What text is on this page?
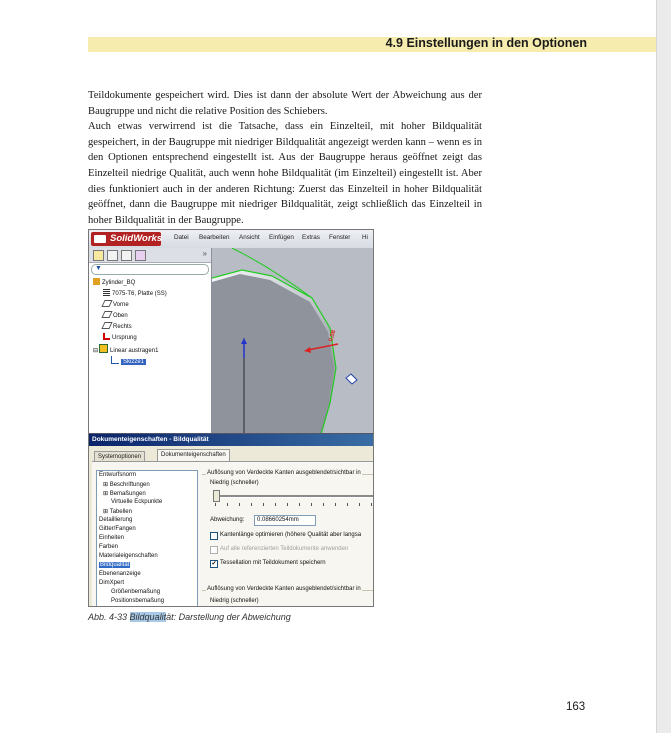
4.9 Einstellungen in den Optionen

Teildokumente gespeichert wird. Dies ist dann der absolute Wert der Abweichung aus der Baugruppe und nicht die relative Position des Schiebers.

Auch etwas verwirrend ist die Tatsache, dass ein Einzelteil, mit hoher Bildqualität gespeichert, in der Baugruppe mit niedriger Bildqualität angezeigt werden kann – wenn es in den Optionen entsprechend eingestellt ist. Aus der Baugruppe heraus geöffnet zeigt das Einzelteil niedrige Qualität, auch wenn hohe Bildqualität (im Einzelteil) eingestellt ist. Aber dies funktioniert auch in der anderen Richtung: Zuerst das Einzelteil in hoher Bildqualität geöffnet, dann die Baugruppe mit niedriger Bildqualität, zeigt schließlich das Einzelteil in hoher Bildqualität in der Baugruppe.

SolidWorks Datei Bearbeiten Ansicht Einfügen Extras Fenster Hi
»
▼
Zylinder_BQ
7075-T6, Platte (SS)
Vorne
Oben
Rechts
Ursprung
⊟ Linear austragen1
Skizze1
0,08
Dokumenteigenschaften - Bildqualität
Systemoptionen	Dokumenteigenschaften
Entwurfsnorm
⊞ Beschriftungen
⊞ Bemaßungen
Virtuelle Eckpunkte
⊞ Tabellen
Detaillierung
Gitter/Fangen
Einheiten
Farben
Materialeigenschaften
Bildqualität
Ebenenanzeige
DimXpert
Größenbemaßung
Positionsbemaßung
Auflösung von Verdeckte Kanten ausgeblendet/sichtbar in
Niedrig (schneller)
Abweichung:	0.08660254mm
Kantenlänge optimieren (höhere Qualität aber langsa
Auf alle referenzierten Teildokumente anwenden
✔ Tessellation mit Teildokument speichern
Auflösung von Verdeckte Kanten ausgeblendet/sichtbar in
Niedrig (schneller)
Abb. 4-33 Bildqualität: Darstellung der Abweichung
163
